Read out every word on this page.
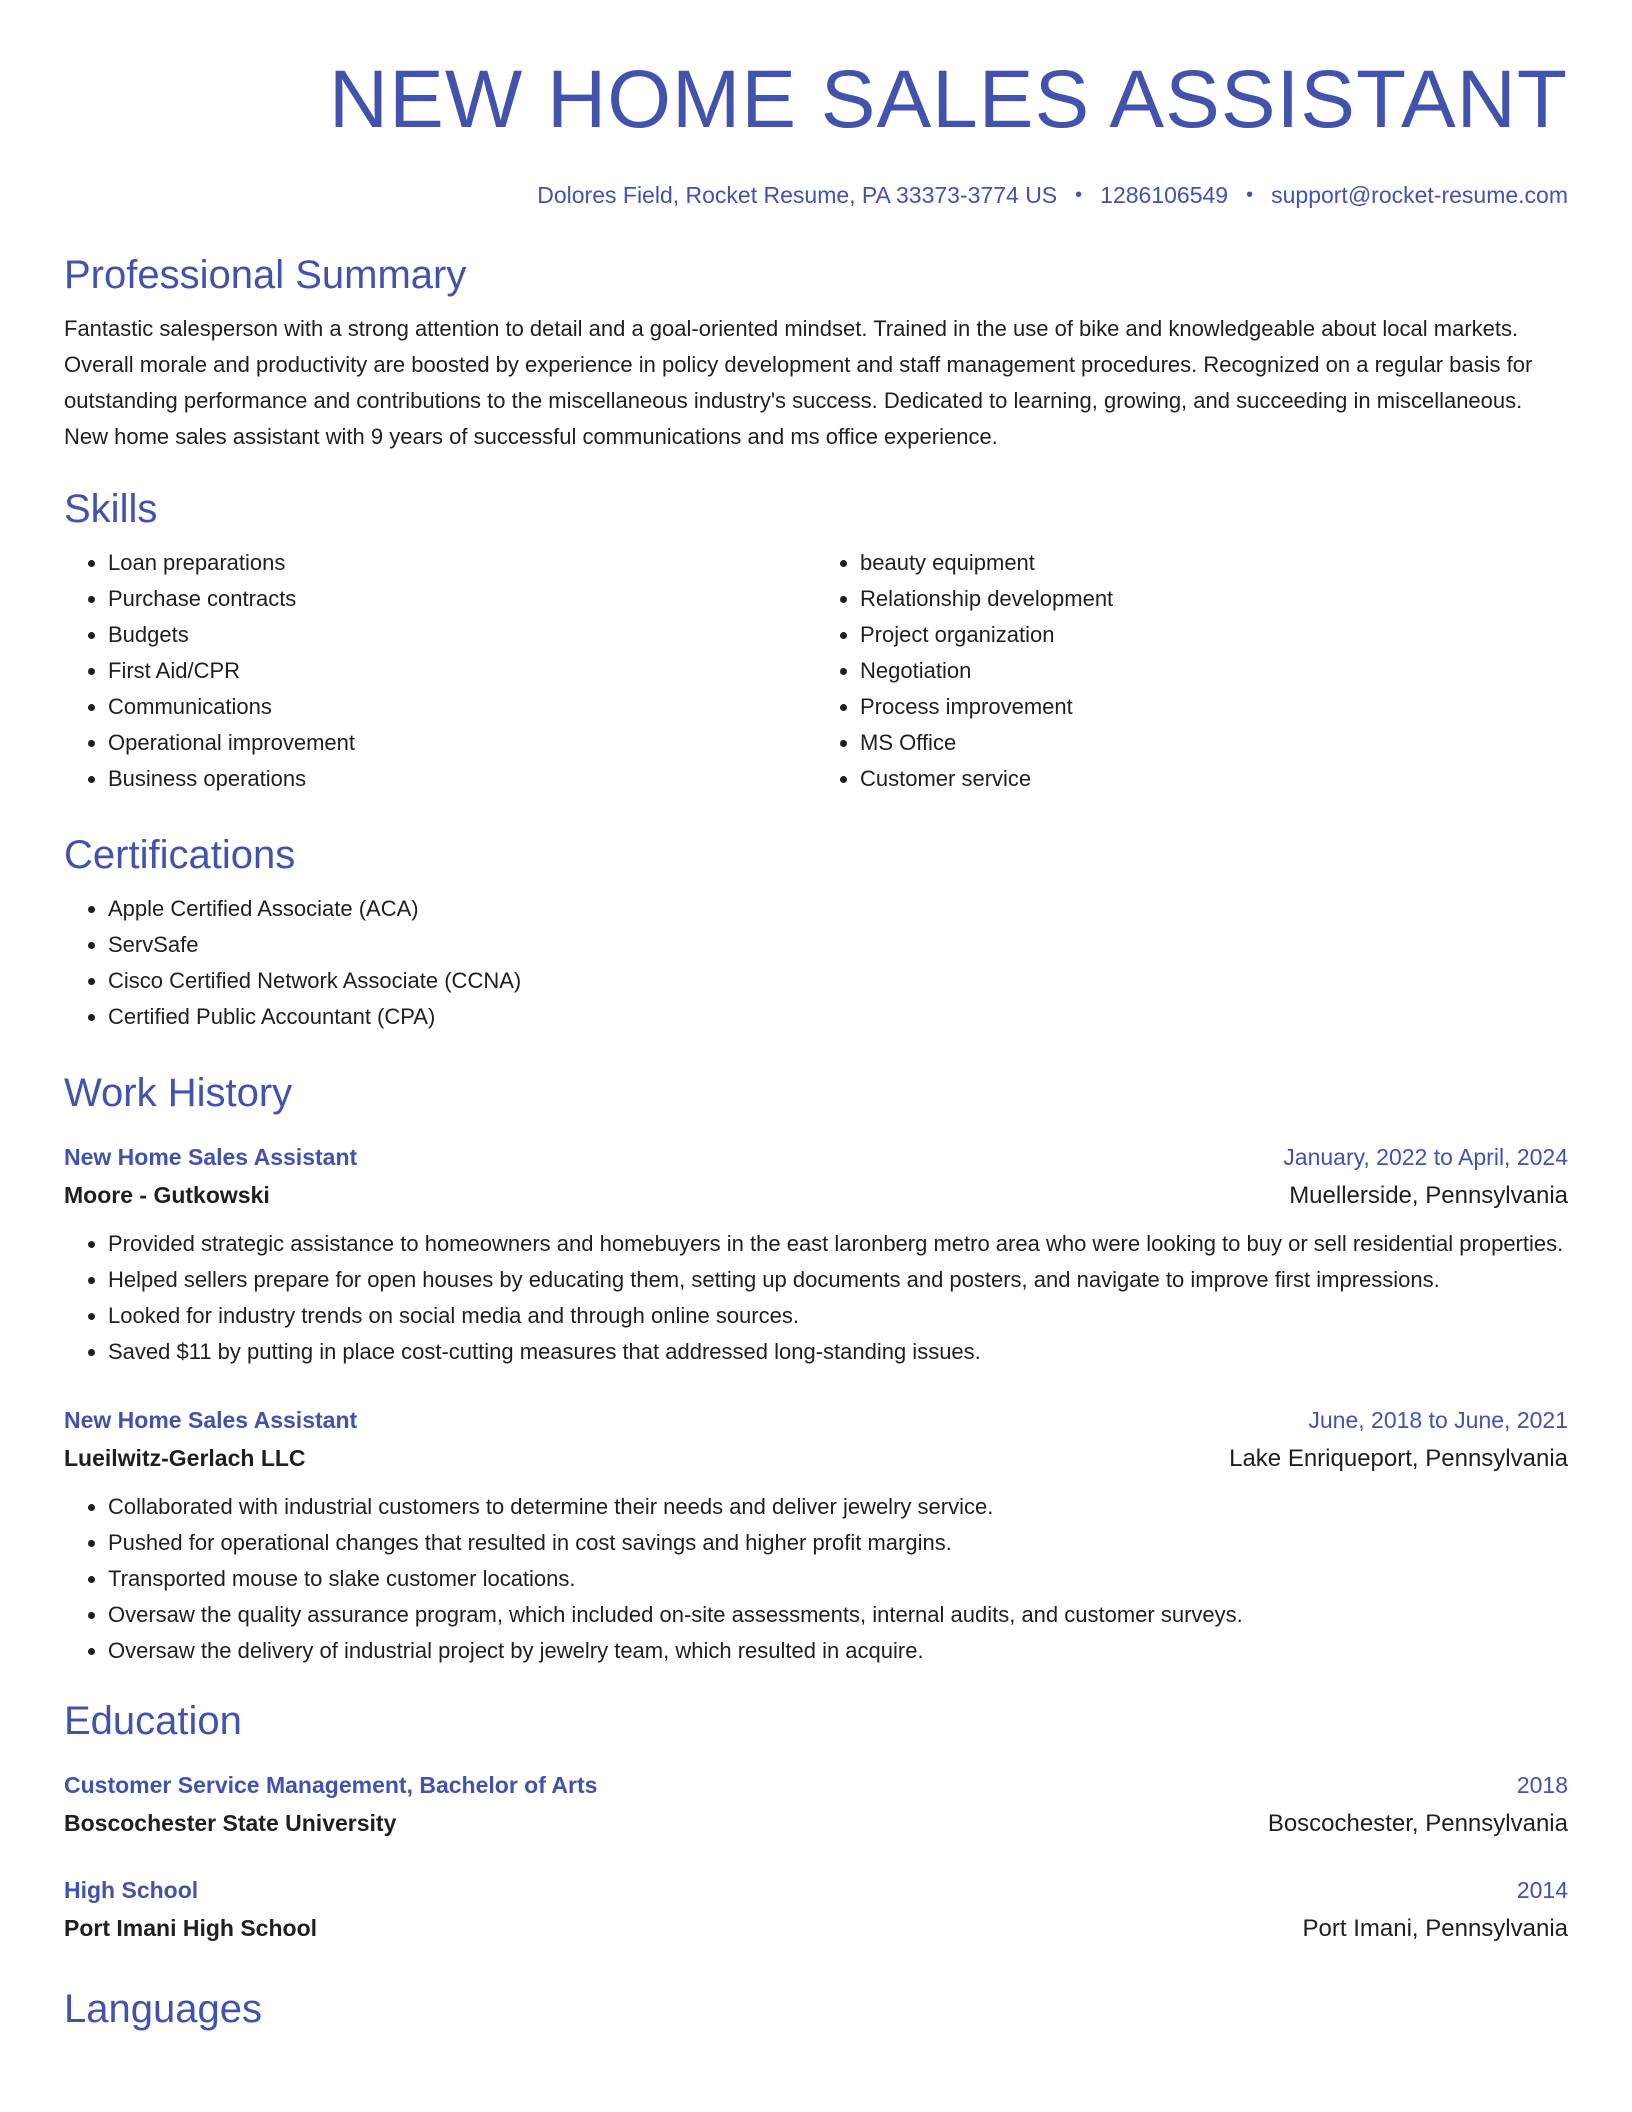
NEW HOME SALES ASSISTANT
Dolores Field, Rocket Resume, PA 33373-3774 US • 1286106549 • support@rocket-resume.com
Professional Summary

Fantastic salesperson with a strong attention to detail and a goal-oriented mindset. Trained in the use of bike and knowledgeable about local markets. Overall morale and productivity are boosted by experience in policy development and staff management procedures. Recognized on a regular basis for outstanding performance and contributions to the miscellaneous industry's success. Dedicated to learning, growing, and succeeding in miscellaneous. New home sales assistant with 9 years of successful communications and ms office experience.

Skills
• Loan preparations
• Purchase contracts
• Budgets
• First Aid/CPR
• Communications
• Operational improvement
• Business operations
• beauty equipment
• Relationship development
• Project organization
• Negotiation
• Process improvement
• MS Office
• Customer service
Certifications
• Apple Certified Associate (ACA)
• ServSafe
• Cisco Certified Network Associate (CCNA)
• Certified Public Accountant (CPA)
Work History
New Home Sales Assistant	January, 2022 to April, 2024
Moore - Gutkowski	Muellerside, Pennsylvania
• Provided strategic assistance to homeowners and homebuyers in the east laronberg metro area who were looking to buy or sell residential properties.
• Helped sellers prepare for open houses by educating them, setting up documents and posters, and navigate to improve first impressions.
• Looked for industry trends on social media and through online sources.
• Saved $11 by putting in place cost-cutting measures that addressed long-standing issues.
New Home Sales Assistant	June, 2018 to June, 2021
Lueilwitz-Gerlach LLC	Lake Enriqueport, Pennsylvania
• Collaborated with industrial customers to determine their needs and deliver jewelry service.
• Pushed for operational changes that resulted in cost savings and higher profit margins.
• Transported mouse to slake customer locations.
• Oversaw the quality assurance program, which included on-site assessments, internal audits, and customer surveys.
• Oversaw the delivery of industrial project by jewelry team, which resulted in acquire.
Education
Customer Service Management, Bachelor of Arts	2018
Boscochester State University	Boscochester, Pennsylvania
High School	2014
Port Imani High School	Port Imani, Pennsylvania
Languages
